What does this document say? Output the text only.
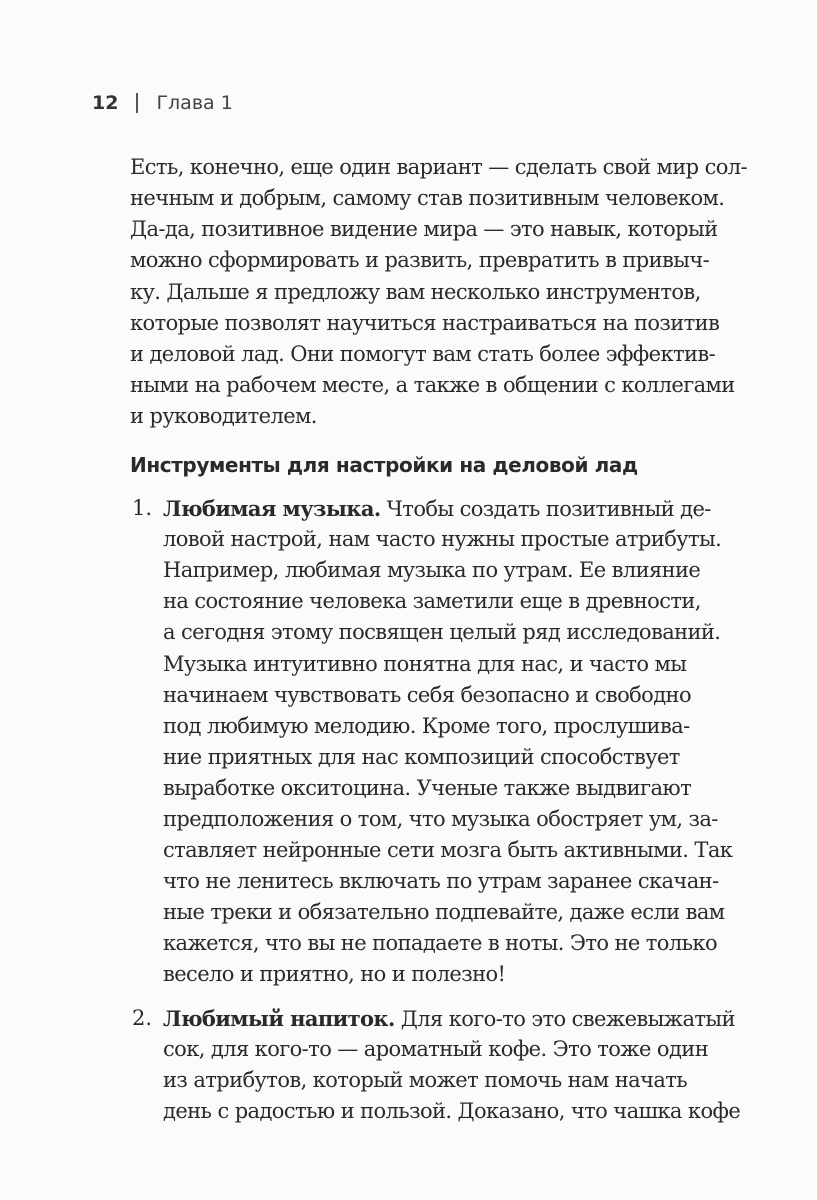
12 Глава 1
Есть, конечно, еще один вариант — сделать свой мир сол-
нечным и добрым, самому став позитивным человеком.
Да-да, позитивное видение мира — это навык, который
можно сформировать и развить, превратить в привыч-
ку. Дальше я предложу вам несколько инструментов,
которые позволят научиться настраиваться на позитив
и деловой лад. Они помогут вам стать более эффектив-
ными на рабочем месте, а также в общении с коллегами
и руководителем.
Инструменты для настройки на деловой лад
1. Любимая музыка. Чтобы создать позитивный де-
ловой настрой, нам часто нужны простые атрибуты.
Например, любимая музыка по утрам. Ее влияние
на состояние человека заметили еще в древности,
а сегодня этому посвящен целый ряд исследований.
Музыка интуитивно понятна для нас, и часто мы
начинаем чувствовать себя безопасно и свободно
под любимую мелодию. Кроме того, прослушива-
ние приятных для нас композиций способствует
выработке окситоцина. Ученые также выдвигают
предположения о том, что музыка обостряет ум, за-
ставляет нейронные сети мозга быть активными. Так
что не ленитесь включать по утрам заранее скачан-
ные треки и обязательно подпевайте, даже если вам
кажется, что вы не попадаете в ноты. Это не только
весело и приятно, но и полезно!
2. Любимый напиток. Для кого-то это свежевыжатый
сок, для кого-то — ароматный кофе. Это тоже один
из атрибутов, который может помочь нам начать
день с радостью и пользой. Доказано, что чашка кофе
